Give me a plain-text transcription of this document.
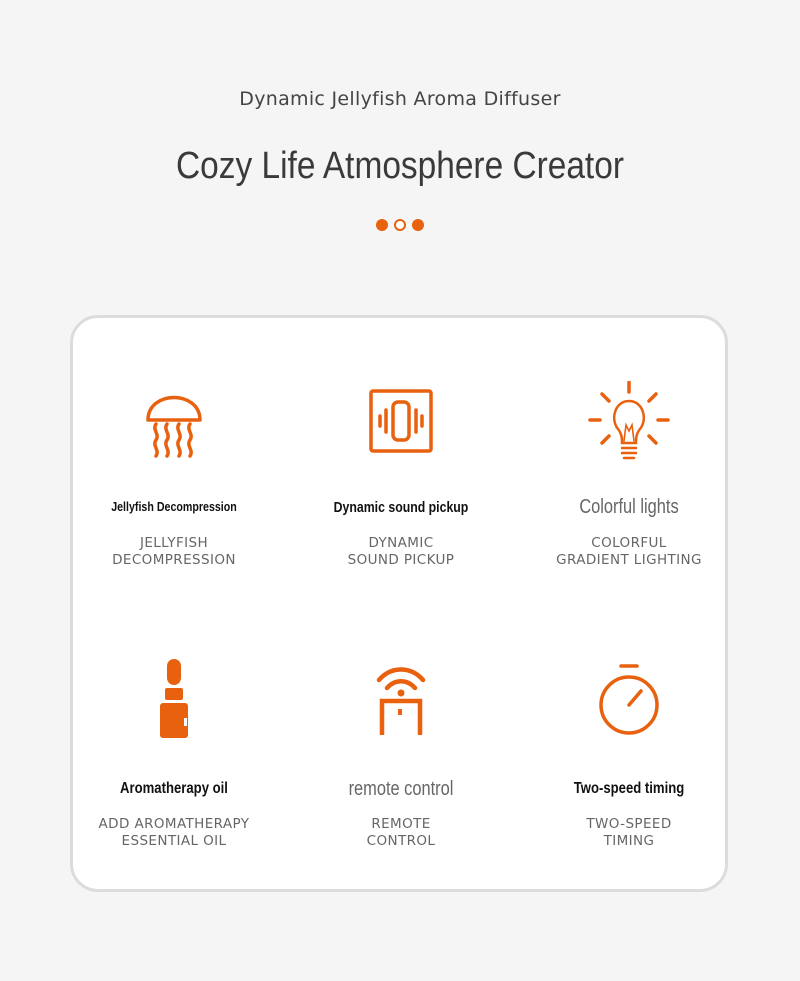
Dynamic Jellyfish Aroma Diffuser
Cozy Life Atmosphere Creator
Jellyfish Decompression
JELLYFISH
DECOMPRESSION
Dynamic sound pickup
DYNAMIC
SOUND PICKUP
Colorful lights
COLORFUL
GRADIENT LIGHTING
Aromatherapy oil
ADD AROMATHERAPY
ESSENTIAL OIL
remote control
REMOTE
CONTROL
Two-speed timing
TWO-SPEED
TIMING
